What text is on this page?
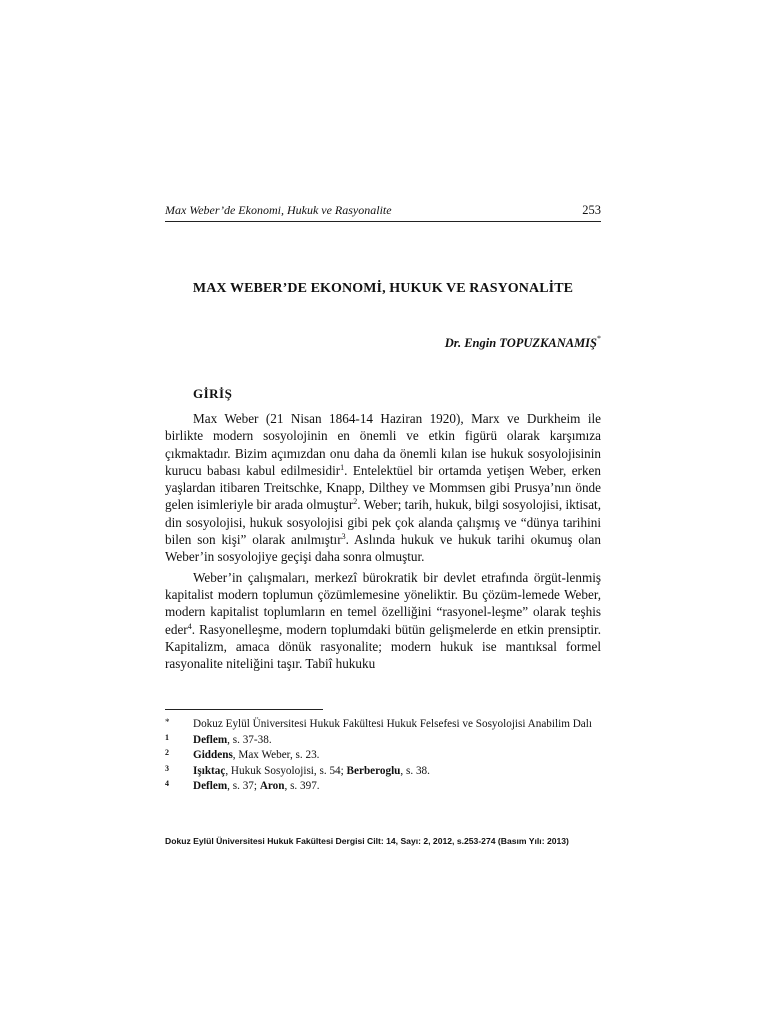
Max Weber’de Ekonomi, Hukuk ve Rasyonalite	253
MAX WEBER’DE EKONOMİ, HUKUK VE RASYONALİTE
Dr. Engin TOPUZKANAMIŞ*
GİRİŞ

Max Weber (21 Nisan 1864-14 Haziran 1920), Marx ve Durkheim ile birlikte modern sosyolojinin en önemli ve etkin figürü olarak karşımıza çıkmaktadır. Bizim açımızdan onu daha da önemli kılan ise hukuk sosyolojisinin kurucu babası kabul edilmesidir$^1$. Entelektüel bir ortamda yetişen Weber, erken yaşlardan itibaren Treitschke, Knapp, Dilthey ve Mommsen gibi Prusya’nın önde gelen isimleriyle bir arada olmuştur$^2$. Weber; tarih, hukuk, bilgi sosyolojisi, iktisat, din sosyolojisi, hukuk sosyolojisi gibi pek çok alanda çalışmış ve “dünya tarihini bilen son kişi” olarak anılmıştır$^3$. Aslında hukuk ve hukuk tarihi okumuş olan Weber’in sosyolojiye geçişi daha sonra olmuştur.

Weber’in çalışmaları, merkezî bürokratik bir devlet etrafında örgüt-lenmiş kapitalist modern toplumun çözümlemesine yöneliktir. Bu çözüm-lemede Weber, modern kapitalist toplumların en temel özelliğini “rasyonel-leşme” olarak teşhis eder$^4$. Rasyonelleşme, modern toplumdaki bütün gelişmelerde en etkin prensiptir. Kapitalizm, amaca dönük rasyonalite; modern hukuk ise mantıksal formel rasyonalite niteliğini taşır. Tabiî hukuku

*	Dokuz Eylül Üniversitesi Hukuk Fakültesi Hukuk Felsefesi ve Sosyolojisi Anabilim Dalı
1	Deflem, s. 37-38.
2	Giddens, Max Weber, s. 23.
3	Işıktaç, Hukuk Sosyolojisi, s. 54; Berberoglu, s. 38.
4	Deflem, s. 37; Aron, s. 397.
Dokuz Eylül Üniversitesi Hukuk Fakültesi Dergisi Cilt: 14, Sayı: 2, 2012, s.253-274 (Basım Yılı: 2013)
